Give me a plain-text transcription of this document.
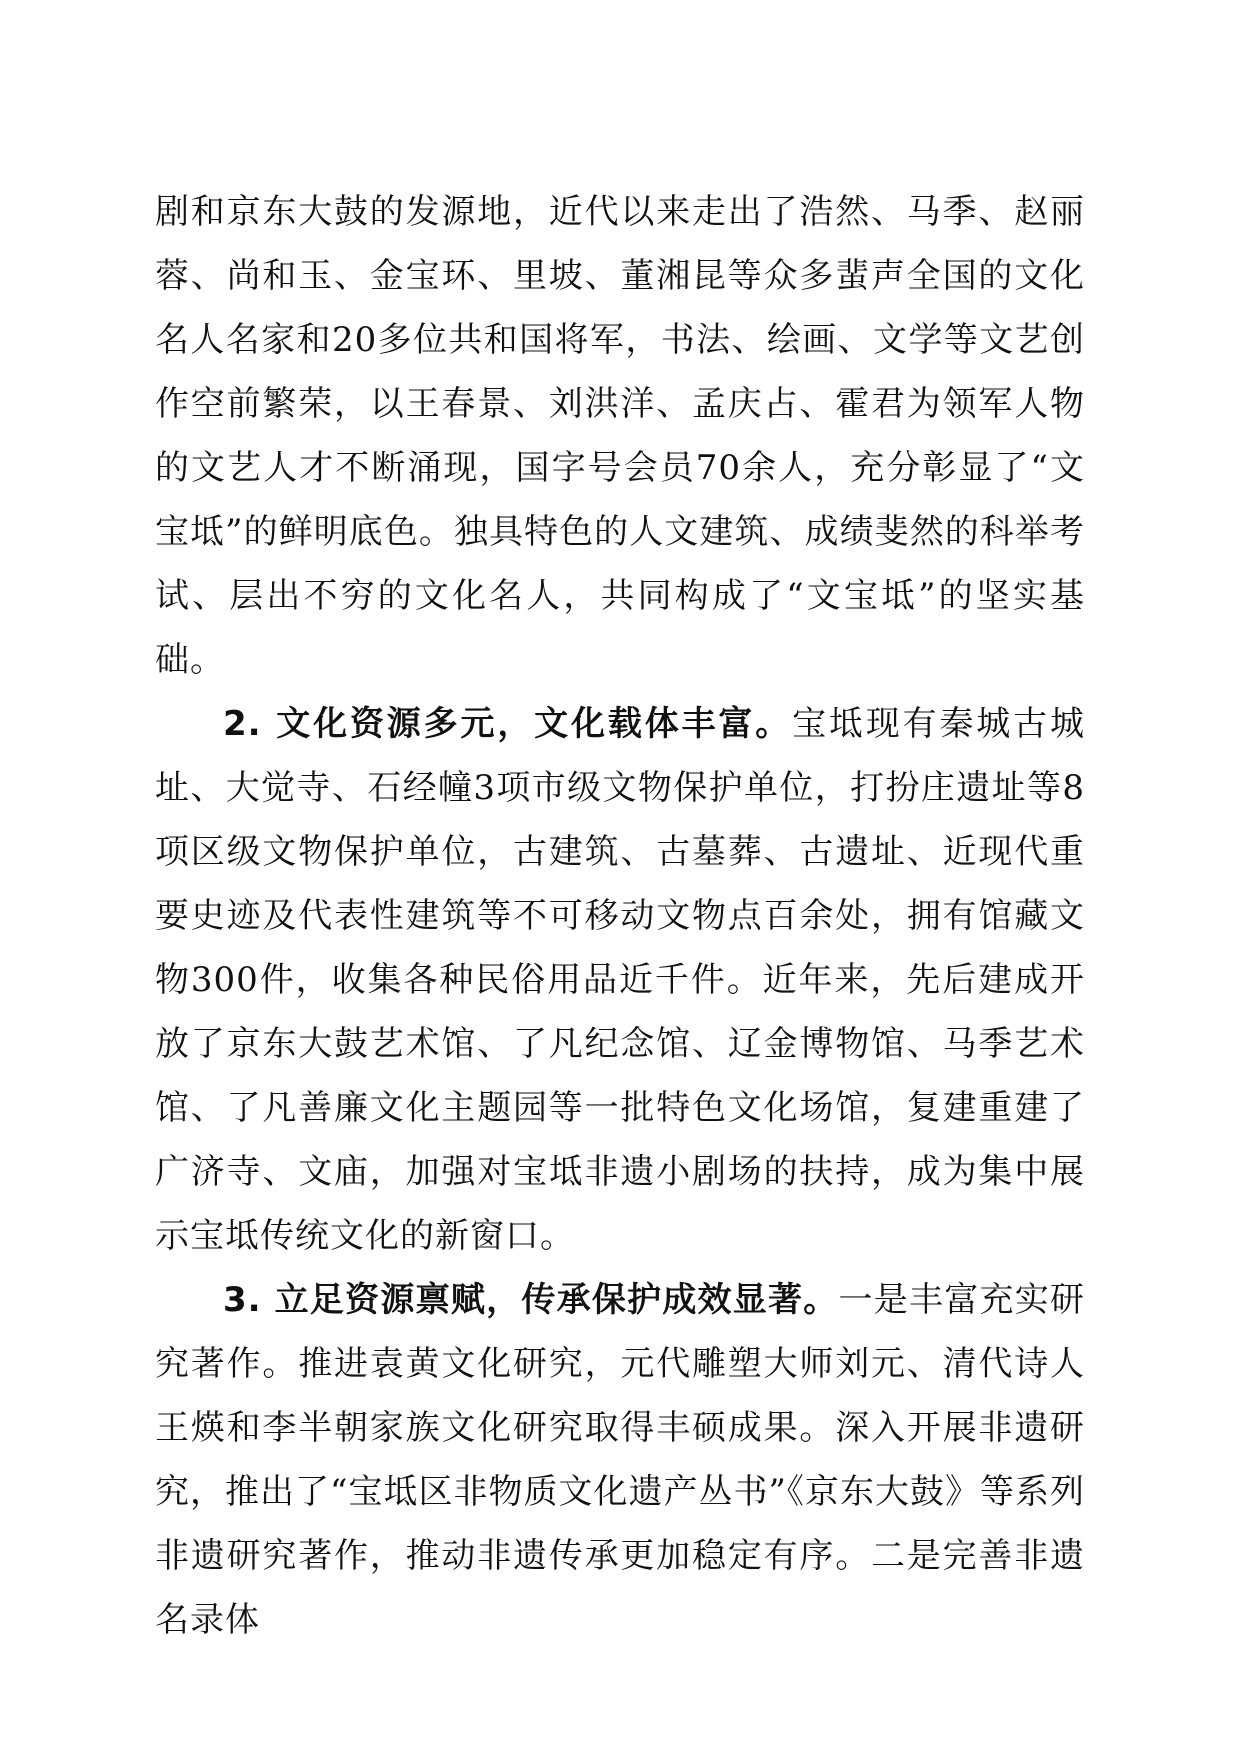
剧和京东大鼓的发源地，近代以来走出了浩然、马季、赵丽蓉、尚和玉、金宝环、里坡、董湘昆等众多蜚声全国的文化名人名家和20多位共和国将军，书法、绘画、文学等文艺创作空前繁荣，以王春景、刘洪洋、孟庆占、霍君为领军人物的文艺人才不断涌现，国字号会员70余人，充分彰显了“文宝坻”的鲜明底色。独具特色的人文建筑、成绩斐然的科举考试、层出不穷的文化名人，共同构成了“文宝坻”的坚实基础。

2. 文化资源多元，文化载体丰富。宝坻现有秦城古城址、大觉寺、石经幢3项市级文物保护单位，打扮庄遗址等8项区级文物保护单位，古建筑、古墓葬、古遗址、近现代重要史迹及代表性建筑等不可移动文物点百余处，拥有馆藏文物300件，收集各种民俗用品近千件。近年来，先后建成开放了京东大鼓艺术馆、了凡纪念馆、辽金博物馆、马季艺术馆、了凡善廉文化主题园等一批特色文化场馆，复建重建了广济寺、文庙，加强对宝坻非遗小剧场的扶持，成为集中展示宝坻传统文化的新窗口。

3. 立足资源禀赋，传承保护成效显著。一是丰富充实研究著作。推进袁黄文化研究，元代雕塑大师刘元、清代诗人王煐和李半朝家族文化研究取得丰硕成果。深入开展非遗研究，推出了“宝坻区非物质文化遗产丛书”《京东大鼓》等系列非遗研究著作，推动非遗传承更加稳定有序。二是完善非遗名录体
